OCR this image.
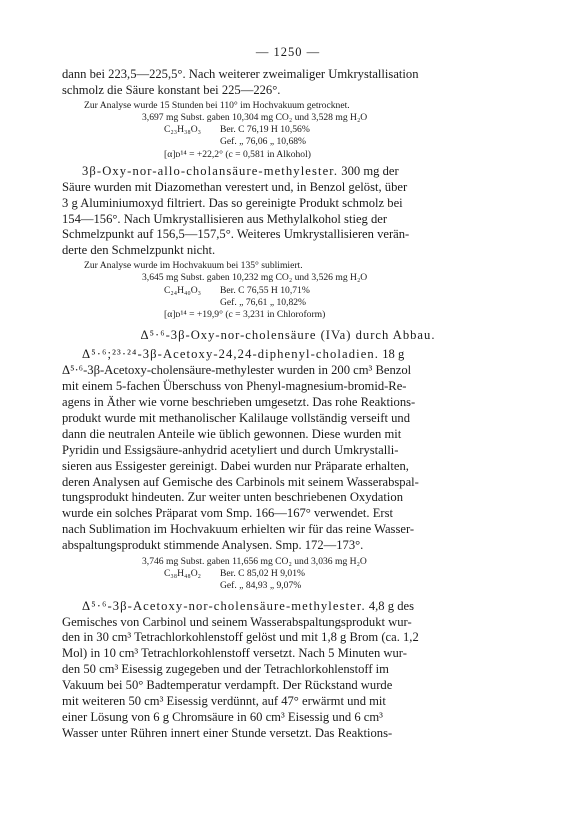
— 1250 —

dann bei 223,5—225,5°. Nach weiterer zweimaliger Umkrystallisation
schmolz die Säure konstant bei 225—226°.

Zur Analyse wurde 15 Stunden bei 110° im Hochvakuum getrocknet.
3,697 mg Subst. gaben 10,304 mg CO₂ und 3,528 mg H₂O
C₂₃H₃₈O₃ Ber. C 76,19 H 10,56%
Gef. „ 76,06 „ 10,68%
[α]ᴅ¹⁴ = +22,2° (c = 0,581 in Alkohol)

3β-Oxy-nor-allo-cholansäure-methylester. 300 mg der
Säure wurden mit Diazomethan verestert und, in Benzol gelöst, über
3 g Aluminiumoxyd filtriert. Das so gereinigte Produkt schmolz bei
154—156°. Nach Umkrystallisieren aus Methylalkohol stieg der
Schmelzpunkt auf 156,5—157,5°. Weiteres Umkrystallisieren verän-
derte den Schmelzpunkt nicht.

Zur Analyse wurde im Hochvakuum bei 135° sublimiert.
3,645 mg Subst. gaben 10,232 mg CO₂ und 3,526 mg H₂O
C₂₄H₄₀O₃ Ber. C 76,55 H 10,71%
Gef. „ 76,61 „ 10,82%
[α]ᴅ¹⁴ = +19,9° (c = 3,231 in Chloroform)
Δ⁵·⁶-3β-Oxy-nor-cholensäure (IVa) durch Abbau.

Δ⁵·⁶;²³·²⁴-3β-Acetoxy-24,24-diphenyl-choladien. 18 g
Δ⁵·⁶-3β-Acetoxy-cholensäure-methylester wurden in 200 cm³ Benzol
mit einem 5-fachen Überschuss von Phenyl-magnesium-bromid-Re-
agens in Äther wie vorne beschrieben umgesetzt. Das rohe Reaktions-
produkt wurde mit methanolischer Kalilauge vollständig verseift und
dann die neutralen Anteile wie üblich gewonnen. Diese wurden mit
Pyridin und Essigsäure-anhydrid acetyliert und durch Umkrystalli-
sieren aus Essigester gereinigt. Dabei wurden nur Präparate erhalten,
deren Analysen auf Gemische des Carbinols mit seinem Wasserabspal-
tungsprodukt hindeuten. Zur weiter unten beschriebenen Oxydation
wurde ein solches Präparat vom Smp. 166—167° verwendet. Erst
nach Sublimation im Hochvakuum erhielten wir für das reine Wasser-
abspaltungsprodukt stimmende Analysen. Smp. 172—173°.

3,746 mg Subst. gaben 11,656 mg CO₂ und 3,036 mg H₂O
C₃₈H₄₈O₂ Ber. C 85,02 H 9,01%
Gef. „ 84,93 „ 9,07%

Δ⁵·⁶-3β-Acetoxy-nor-cholensäure-methylester. 4,8 g des
Gemisches von Carbinol und seinem Wasserabspaltungsprodukt wur-
den in 30 cm³ Tetrachlorkohlenstoff gelöst und mit 1,8 g Brom (ca. 1,2
Mol) in 10 cm³ Tetrachlorkohlenstoff versetzt. Nach 5 Minuten wur-
den 50 cm³ Eisessig zugegeben und der Tetrachlorkohlenstoff im
Vakuum bei 50° Badtemperatur verdampft. Der Rückstand wurde
mit weiteren 50 cm³ Eisessig verdünnt, auf 47° erwärmt und mit
einer Lösung von 6 g Chromsäure in 60 cm³ Eisessig und 6 cm³
Wasser unter Rühren innert einer Stunde versetzt. Das Reaktions-
